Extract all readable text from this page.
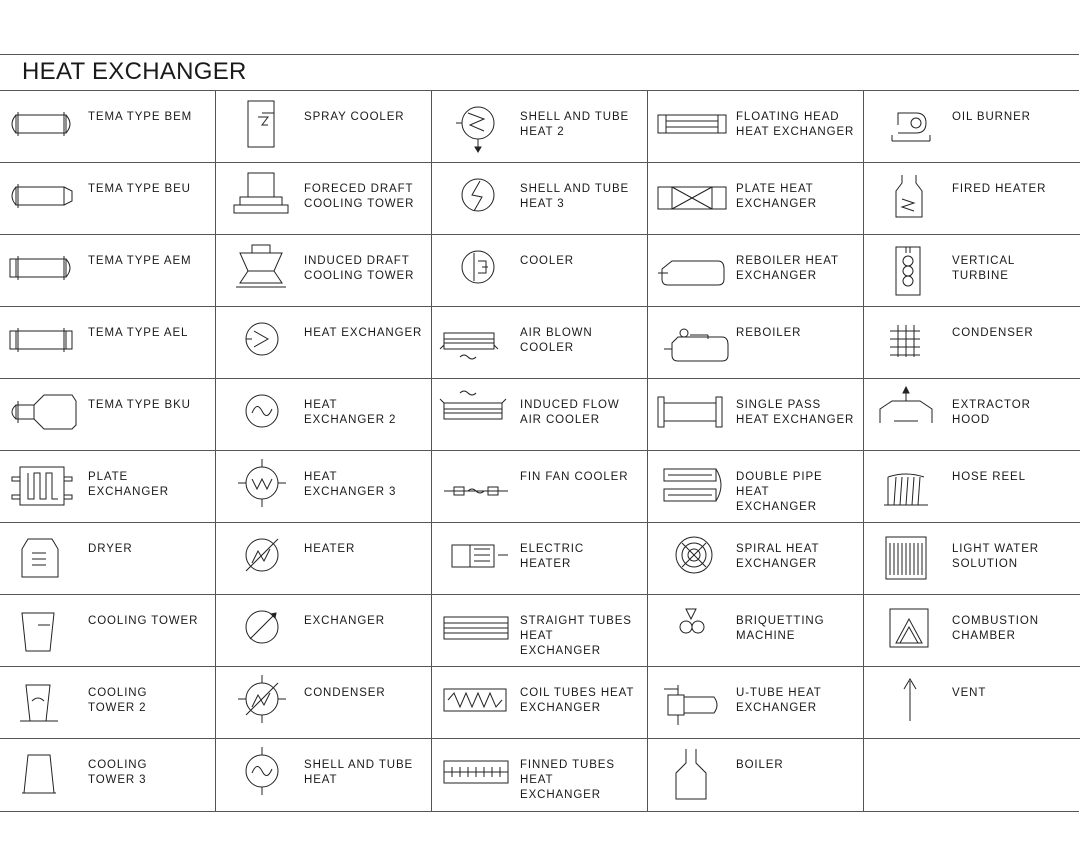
HEAT EXCHANGER
TEMA TYPE BEM	SPRAY COOLER	SHELL AND TUBE
HEAT 2
FLOATING HEAD
HEAT EXCHANGER
OIL BURNER
TEMA TYPE BEU	FORECED DRAFT
COOLING TOWER
SHELL AND TUBE
HEAT 3
PLATE HEAT
EXCHANGER
FIRED HEATER
TEMA TYPE AEM	INDUCED DRAFT
COOLING TOWER
COOLER	REBOILER HEAT
EXCHANGER
VERTICAL
TURBINE
TEMA TYPE AEL	HEAT EXCHANGER	AIR BLOWN
COOLER
REBOILER	CONDENSER
TEMA TYPE BKU	HEAT
EXCHANGER 2
INDUCED FLOW
AIR COOLER
SINGLE PASS
HEAT EXCHANGER
EXTRACTOR
HOOD
PLATE
EXCHANGER
HEAT
EXCHANGER 3
FIN FAN COOLER	DOUBLE PIPE HEAT
EXCHANGER
HOSE REEL
DRYER	HEATER	ELECTRIC
HEATER
SPIRAL HEAT
EXCHANGER
LIGHT WATER
SOLUTION
COOLING TOWER	EXCHANGER	STRAIGHT TUBES
HEAT
EXCHANGER
BRIQUETTING
MACHINE
COMBUSTION
CHAMBER
COOLING
TOWER 2
CONDENSER	COIL TUBES HEAT
EXCHANGER
U-TUBE HEAT
EXCHANGER
VENT
COOLING
TOWER 3
SHELL AND TUBE
HEAT
FINNED TUBES
HEAT
EXCHANGER
BOILER
